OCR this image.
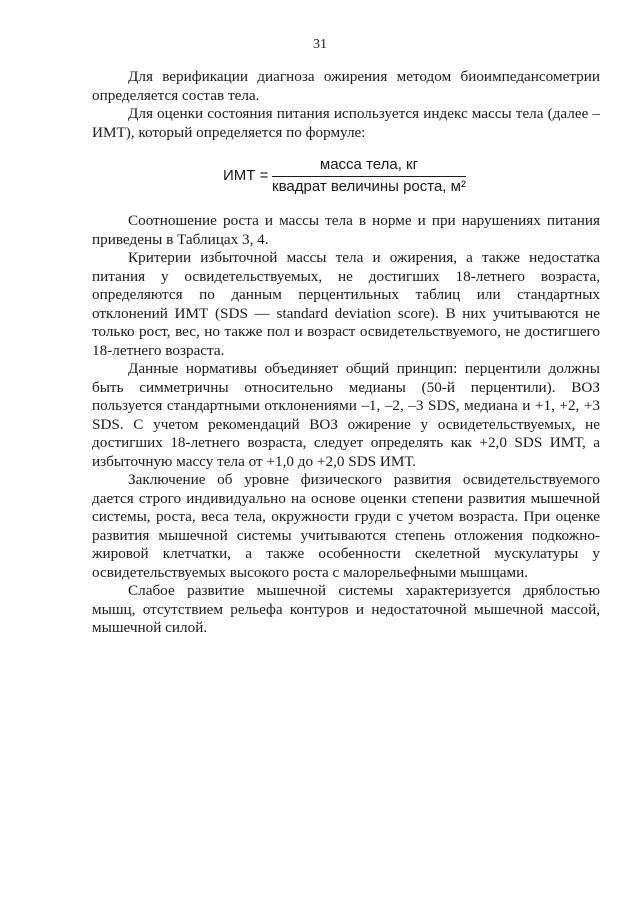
31

Для верификации диагноза ожирения методом биоимпедансометрии определяется состав тела.

Для оценки состояния питания используется индекс массы тела (далее – ИМТ), который определяется по формуле:

ИМТ =
масса тела, кг
квадрат величины роста, м²

Соотношение роста и массы тела в норме и при нарушениях питания приведены в Таблицах 3, 4.

Критерии избыточной массы тела и ожирения, а также недостатка питания у освидетельствуемых, не достигших 18-летнего возраста, определяются по данным перцентильных таблиц или стандартных отклонений ИМТ (SDS — standard deviation score). В них учитываются не только рост, вес, но также пол и возраст освидетельствуемого, не достигшего 18-летнего возраста.

Данные нормативы объединяет общий принцип: перцентили должны быть симметричны относительно медианы (50-й перцентили). ВОЗ пользуется стандартными отклонениями –1, –2, –3 SDS, медиана и +1, +2, +3 SDS. С учетом рекомендаций ВОЗ ожирение у освидетельствуемых, не достигших 18-летнего возраста, следует определять как +2,0 SDS ИМТ, а избыточную массу тела от +1,0 до +2,0 SDS ИМТ.

Заключение об уровне физического развития освидетельствуемого дается строго индивидуально на основе оценки степени развития мышечной системы, роста, веса тела, окружности груди с учетом возраста. При оценке развития мышечной системы учитываются степень отложения подкожно-жировой клетчатки, а также особенности скелетной мускулатуры у освидетельствуемых высокого роста с малорельефными мышцами.

Слабое развитие мышечной системы характеризуется дряблостью мышц, отсутствием рельефа контуров и недостаточной мышечной массой, мышечной силой.
